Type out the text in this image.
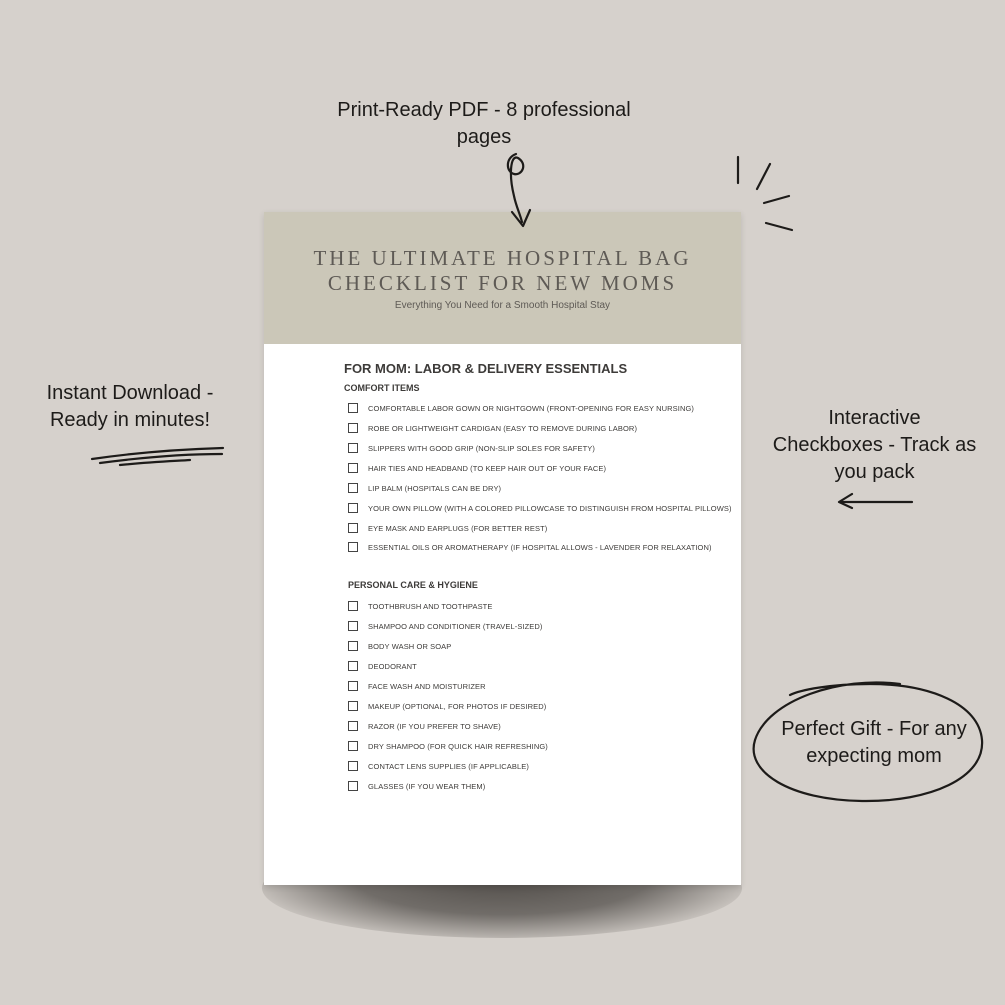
THE ULTIMATE HOSPITAL BAG CHECKLIST FOR NEW MOMS
Everything You Need for a Smooth Hospital Stay
FOR MOM: LABOR & DELIVERY ESSENTIALS
COMFORT ITEMS
COMFORTABLE LABOR GOWN OR NIGHTGOWN (FRONT-OPENING FOR EASY NURSING)
ROBE OR LIGHTWEIGHT CARDIGAN (EASY TO REMOVE DURING LABOR)
SLIPPERS WITH GOOD GRIP (NON-SLIP SOLES FOR SAFETY)
HAIR TIES AND HEADBAND (TO KEEP HAIR OUT OF YOUR FACE)
LIP BALM (HOSPITALS CAN BE DRY)
YOUR OWN PILLOW (WITH A COLORED PILLOWCASE TO DISTINGUISH FROM HOSPITAL PILLOWS)
EYE MASK AND EARPLUGS (FOR BETTER REST)
ESSENTIAL OILS OR AROMATHERAPY (IF HOSPITAL ALLOWS - LAVENDER FOR RELAXATION)
PERSONAL CARE & HYGIENE
TOOTHBRUSH AND TOOTHPASTE
SHAMPOO AND CONDITIONER (TRAVEL-SIZED)
BODY WASH OR SOAP
DEODORANT
FACE WASH AND MOISTURIZER
MAKEUP (OPTIONAL, FOR PHOTOS IF DESIRED)
RAZOR (IF YOU PREFER TO SHAVE)
DRY SHAMPOO (FOR QUICK HAIR REFRESHING)
CONTACT LENS SUPPLIES (IF APPLICABLE)
GLASSES (IF YOU WEAR THEM)
Print-Ready PDF - 8 professional pages
Instant Download - Ready in minutes!	Interactive Checkboxes - Track as you pack
Perfect Gift - For any expecting mom
